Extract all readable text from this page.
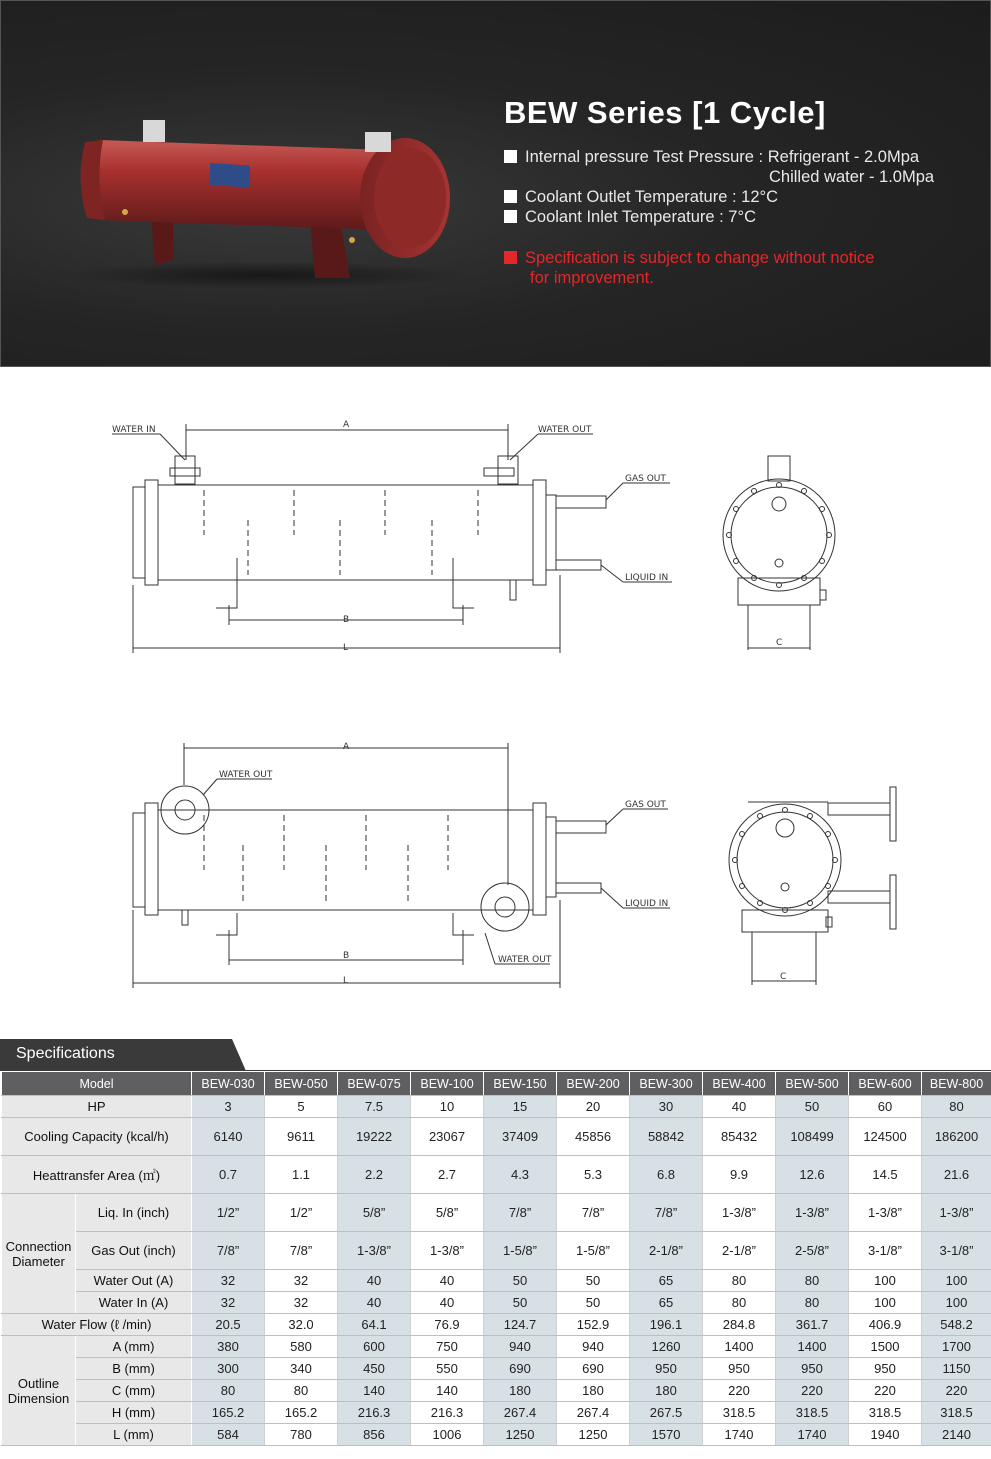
BEW Series [1 Cycle]
Internal pressure Test Pressure : Refrigerant - 2.0Mpa
Chilled water - 1.0Mpa
Coolant Outlet Temperature : 12°C
Coolant Inlet Temperature : 7°C
Specification is subject to change without notice
for improvement.
A
WATER IN	WATER OUT
GAS OUT
LIQUID IN
B
L	C
A
WATER OUT
GAS OUT
LIQUID IN
WATER OUT
B
L	C
Specifications
Model		BEW-030	BEW-050	BEW-075	BEW-100	BEW-150	BEW-200	BEW-300	BEW-400	BEW-500	BEW-600	BEW-800
HP		3	5	7.5	10	15	20	30	40	50	60	80
Cooling Capacity (kcal/h)		6140	9611	19222	23067	37409	45856	58842	85432	108499	124500	186200
Heattransfer Area (㎡)		0.7	1.1	2.2	2.7	4.3	5.3	6.8	9.9	12.6	14.5	21.6
Connection Diameter	Liq. In (inch)	1/2”	1/2”	5/8”	5/8”	7/8”	7/8”	7/8”	1-3/8”	1-3/8”	1-3/8”	1-3/8”
	Gas Out (inch)	7/8”	7/8”	1-3/8”	1-3/8”	1-5/8”	1-5/8”	2-1/8”	2-1/8”	2-5/8”	3-1/8”	3-1/8”
	Water Out (A)	32	32	40	40	50	50	65	80	80	100	100
	Water In (A)	32	32	40	40	50	50	65	80	80	100	100
Water Flow (ℓ /min)		20.5	32.0	64.1	76.9	124.7	152.9	196.1	284.8	361.7	406.9	548.2
Outline Dimension	A (mm)	380	580	600	750	940	940	1260	1400	1400	1500	1700
	B (mm)	300	340	450	550	690	690	950	950	950	950	1150
	C (mm)	80	80	140	140	180	180	180	220	220	220	220
	H (mm)	165.2	165.2	216.3	216.3	267.4	267.4	267.5	318.5	318.5	318.5	318.5
	L (mm)	584	780	856	1006	1250	1250	1570	1740	1740	1940	2140
